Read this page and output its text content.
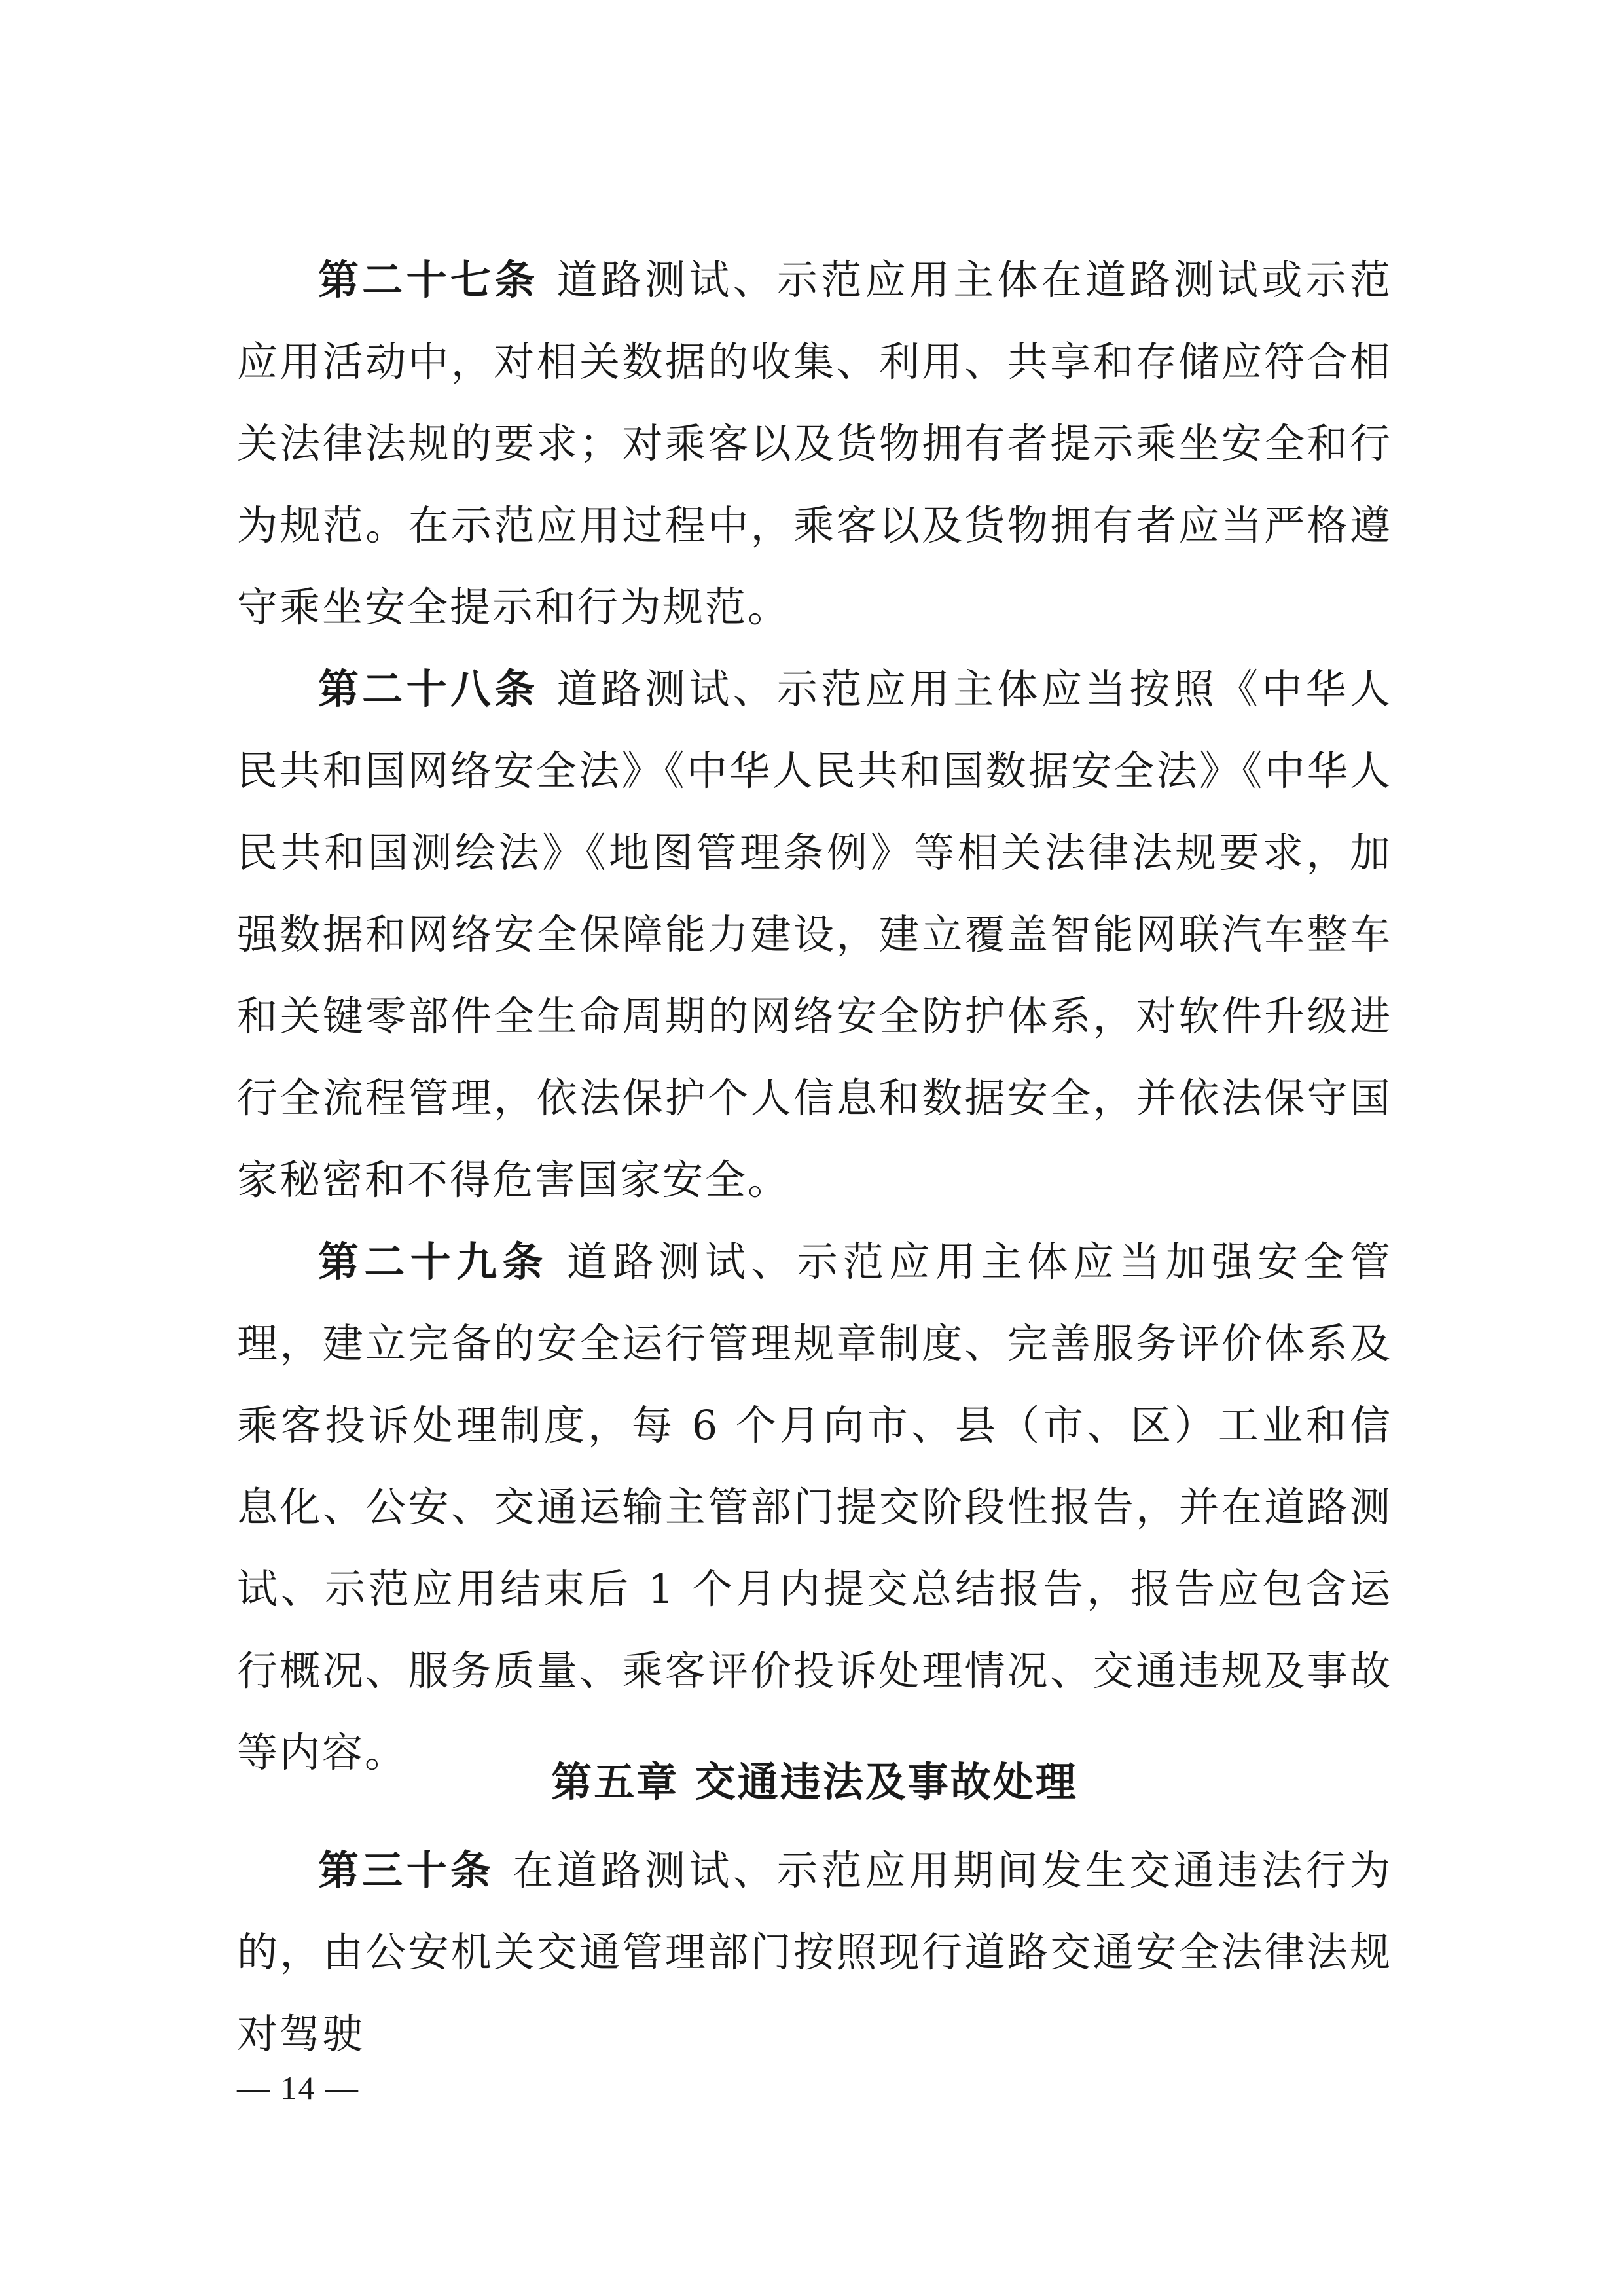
第二十七条 道路测试、示范应用主体在道路测试或示范应用活动中，对相关数据的收集、利用、共享和存储应符合相关法律法规的要求；对乘客以及货物拥有者提示乘坐安全和行为规范。在示范应用过程中，乘客以及货物拥有者应当严格遵守乘坐安全提示和行为规范。

第二十八条 道路测试、示范应用主体应当按照《中华人民共和国网络安全法》《中华人民共和国数据安全法》《中华人民共和国测绘法》《地图管理条例》等相关法律法规要求，加强数据和网络安全保障能力建设，建立覆盖智能网联汽车整车和关键零部件全生命周期的网络安全防护体系，对软件升级进行全流程管理，依法保护个人信息和数据安全，并依法保守国家秘密和不得危害国家安全。

第二十九条 道路测试、示范应用主体应当加强安全管理，建立完备的安全运行管理规章制度、完善服务评价体系及乘客投诉处理制度，每 6 个月向市、县（市、区）工业和信息化、公安、交通运输主管部门提交阶段性报告，并在道路测试、示范应用结束后 1 个月内提交总结报告，报告应包含运行概况、服务质量、乘客评价投诉处理情况、交通违规及事故等内容。

第五章 交通违法及事故处理

第三十条 在道路测试、示范应用期间发生交通违法行为的，由公安机关交通管理部门按照现行道路交通安全法律法规对驾驶

— 14 —
